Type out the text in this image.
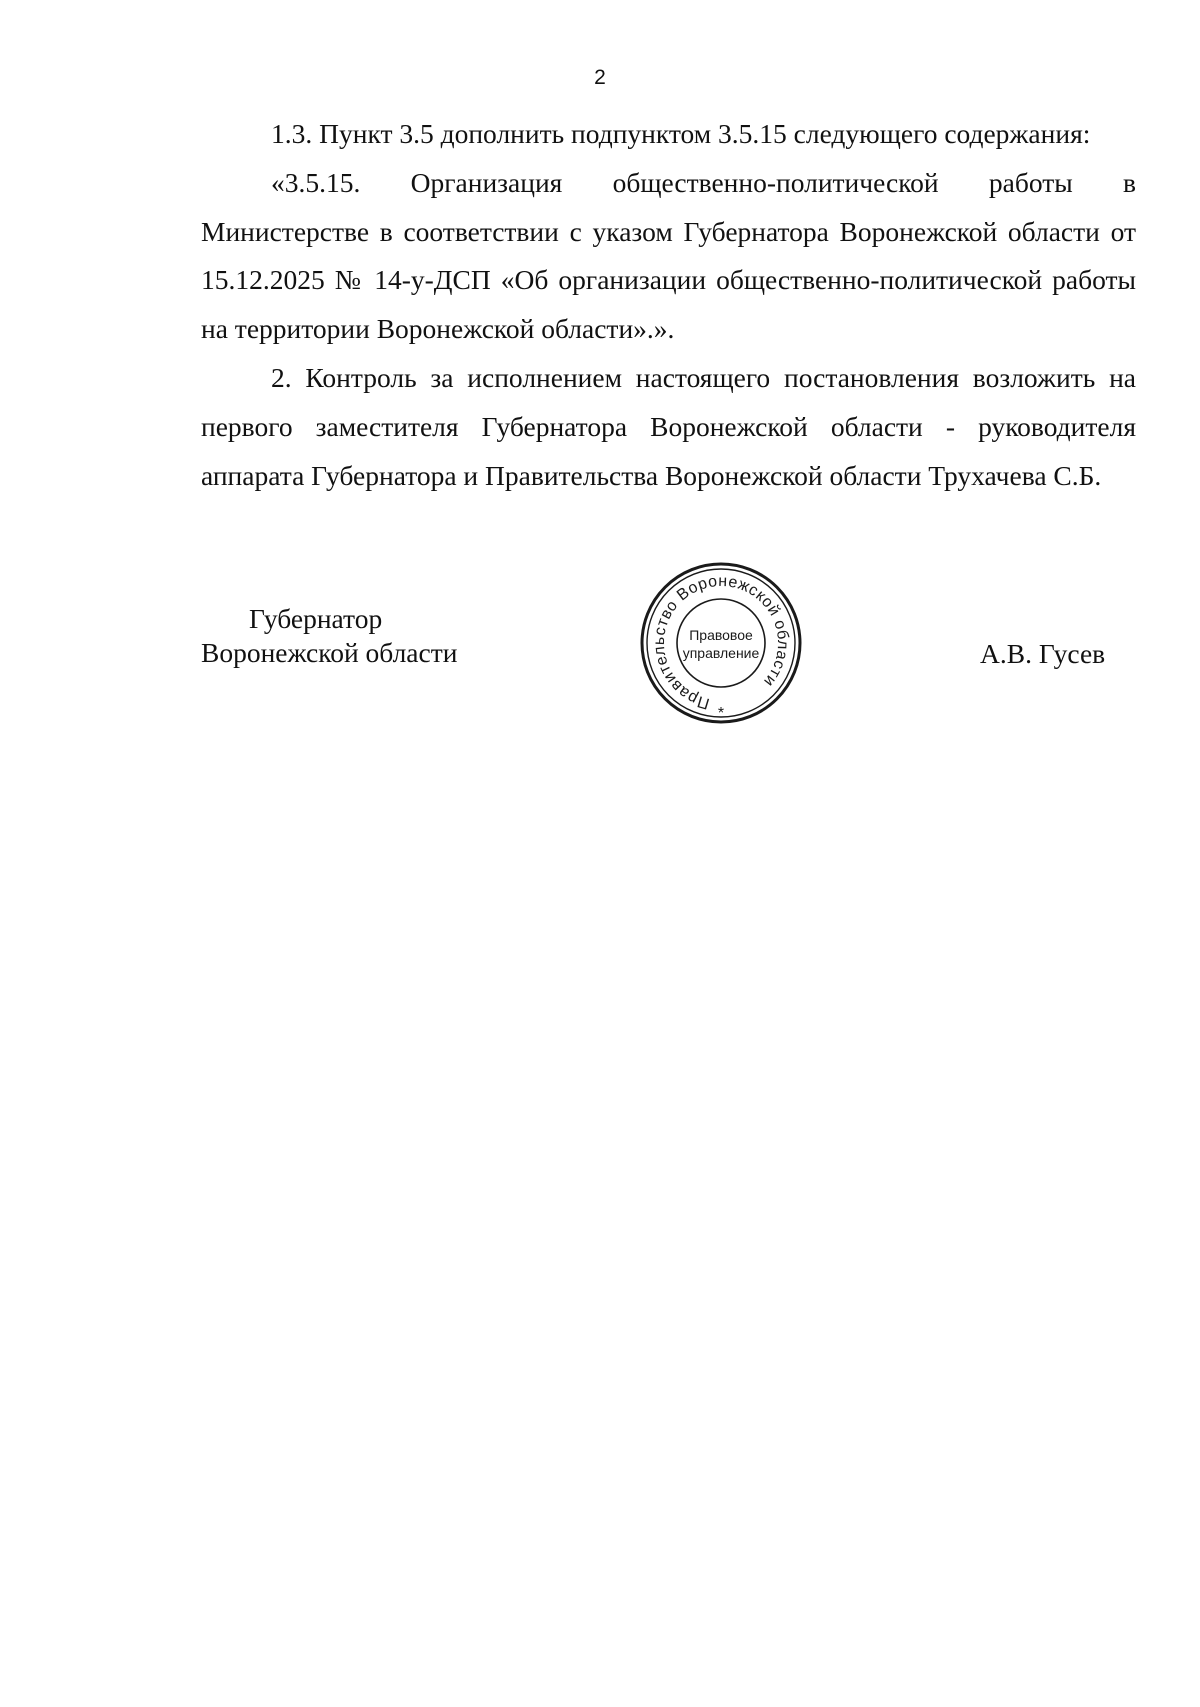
2

1.3. Пункт 3.5 дополнить подпунктом 3.5.15 следующего содержания:

«3.5.15. Организация общественно-политической работы в Министерстве в соответствии с указом Губернатора Воронежской области от 15.12.2025 № 14-у-ДСП «Об организации общественно-политической работы на территории Воронежской области».».

2. Контроль за исполнением настоящего постановления возложить на первого заместителя Губернатора Воронежской области - руководителя аппарата Губернатора и Правительства Воронежской области Трухачева С.Б.

Губернатор
Воронежской области
Правительство Воронежской области
Правовое
управление
*
А.В. Гусев
